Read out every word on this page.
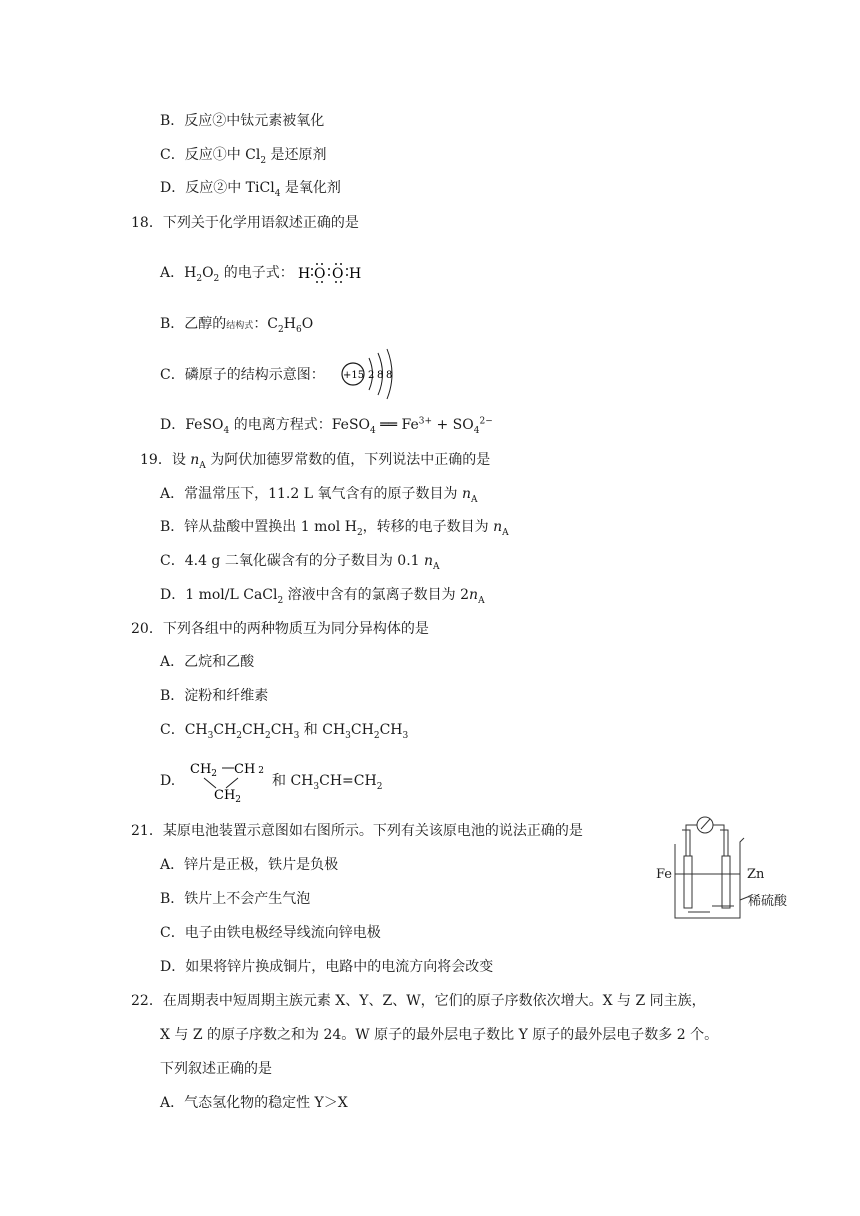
B．反应②中钛元素被氧化
C．反应①中 $Cl_2$ 是还原剂
D．反应②中 TiCl$_4$ 是氧化剂
18．下列关于化学用语叙述正确的是
A．$H_2O_2$ 的电子式： H O O H
B．乙醇的结构式：$C_2H_6O$
C．磷原子的结构示意图： +15 2 8 8
D．FeSO$_4$ 的电离方程式：FeSO$_4$ ══ $Fe^{3+} + SO_4^{2-}$
19．设 $n_A$ 为阿伏加德罗常数的值，下列说法中正确的是
A．常温常压下，11.2 L 氧气含有的原子数目为 $n_A$
B．锌从盐酸中置换出 1 mol $H_2$，转移的电子数目为 $n_A$
C．4.4 g 二氧化碳含有的分子数目为 0.1 $n_A$
D．1 mol/L CaCl$_2$ 溶液中含有的氯离子数目为 $2n_A$
20．下列各组中的两种物质互为同分异构体的是
A．乙烷和乙酸
B．淀粉和纤维素
C．$CH_3CH_2CH_2CH_3$ 和 $CH_3CH_2CH_3$
D.
$CH_2$ CH 2
$CH_2$
和 $CH_3CH=CH_2$
21．某原电池装置示意图如右图所示。下列有关该原电池的说法正确的是
A．锌片是正极，铁片是负极
B．铁片上不会产生气泡
C．电子由铁电极经导线流向锌电极
D．如果将锌片换成铜片，电路中的电流方向将会改变
Fe	Zn
稀硫酸
22．在周期表中短周期主族元素 X、Y、Z、W，它们的原子序数依次增大。X 与 Z 同主族，
X 与 Z 的原子序数之和为 24。W 原子的最外层电子数比 Y 原子的最外层电子数多 2 个。
下列叙述正确的是
A．气态氢化物的稳定性 Y＞X
